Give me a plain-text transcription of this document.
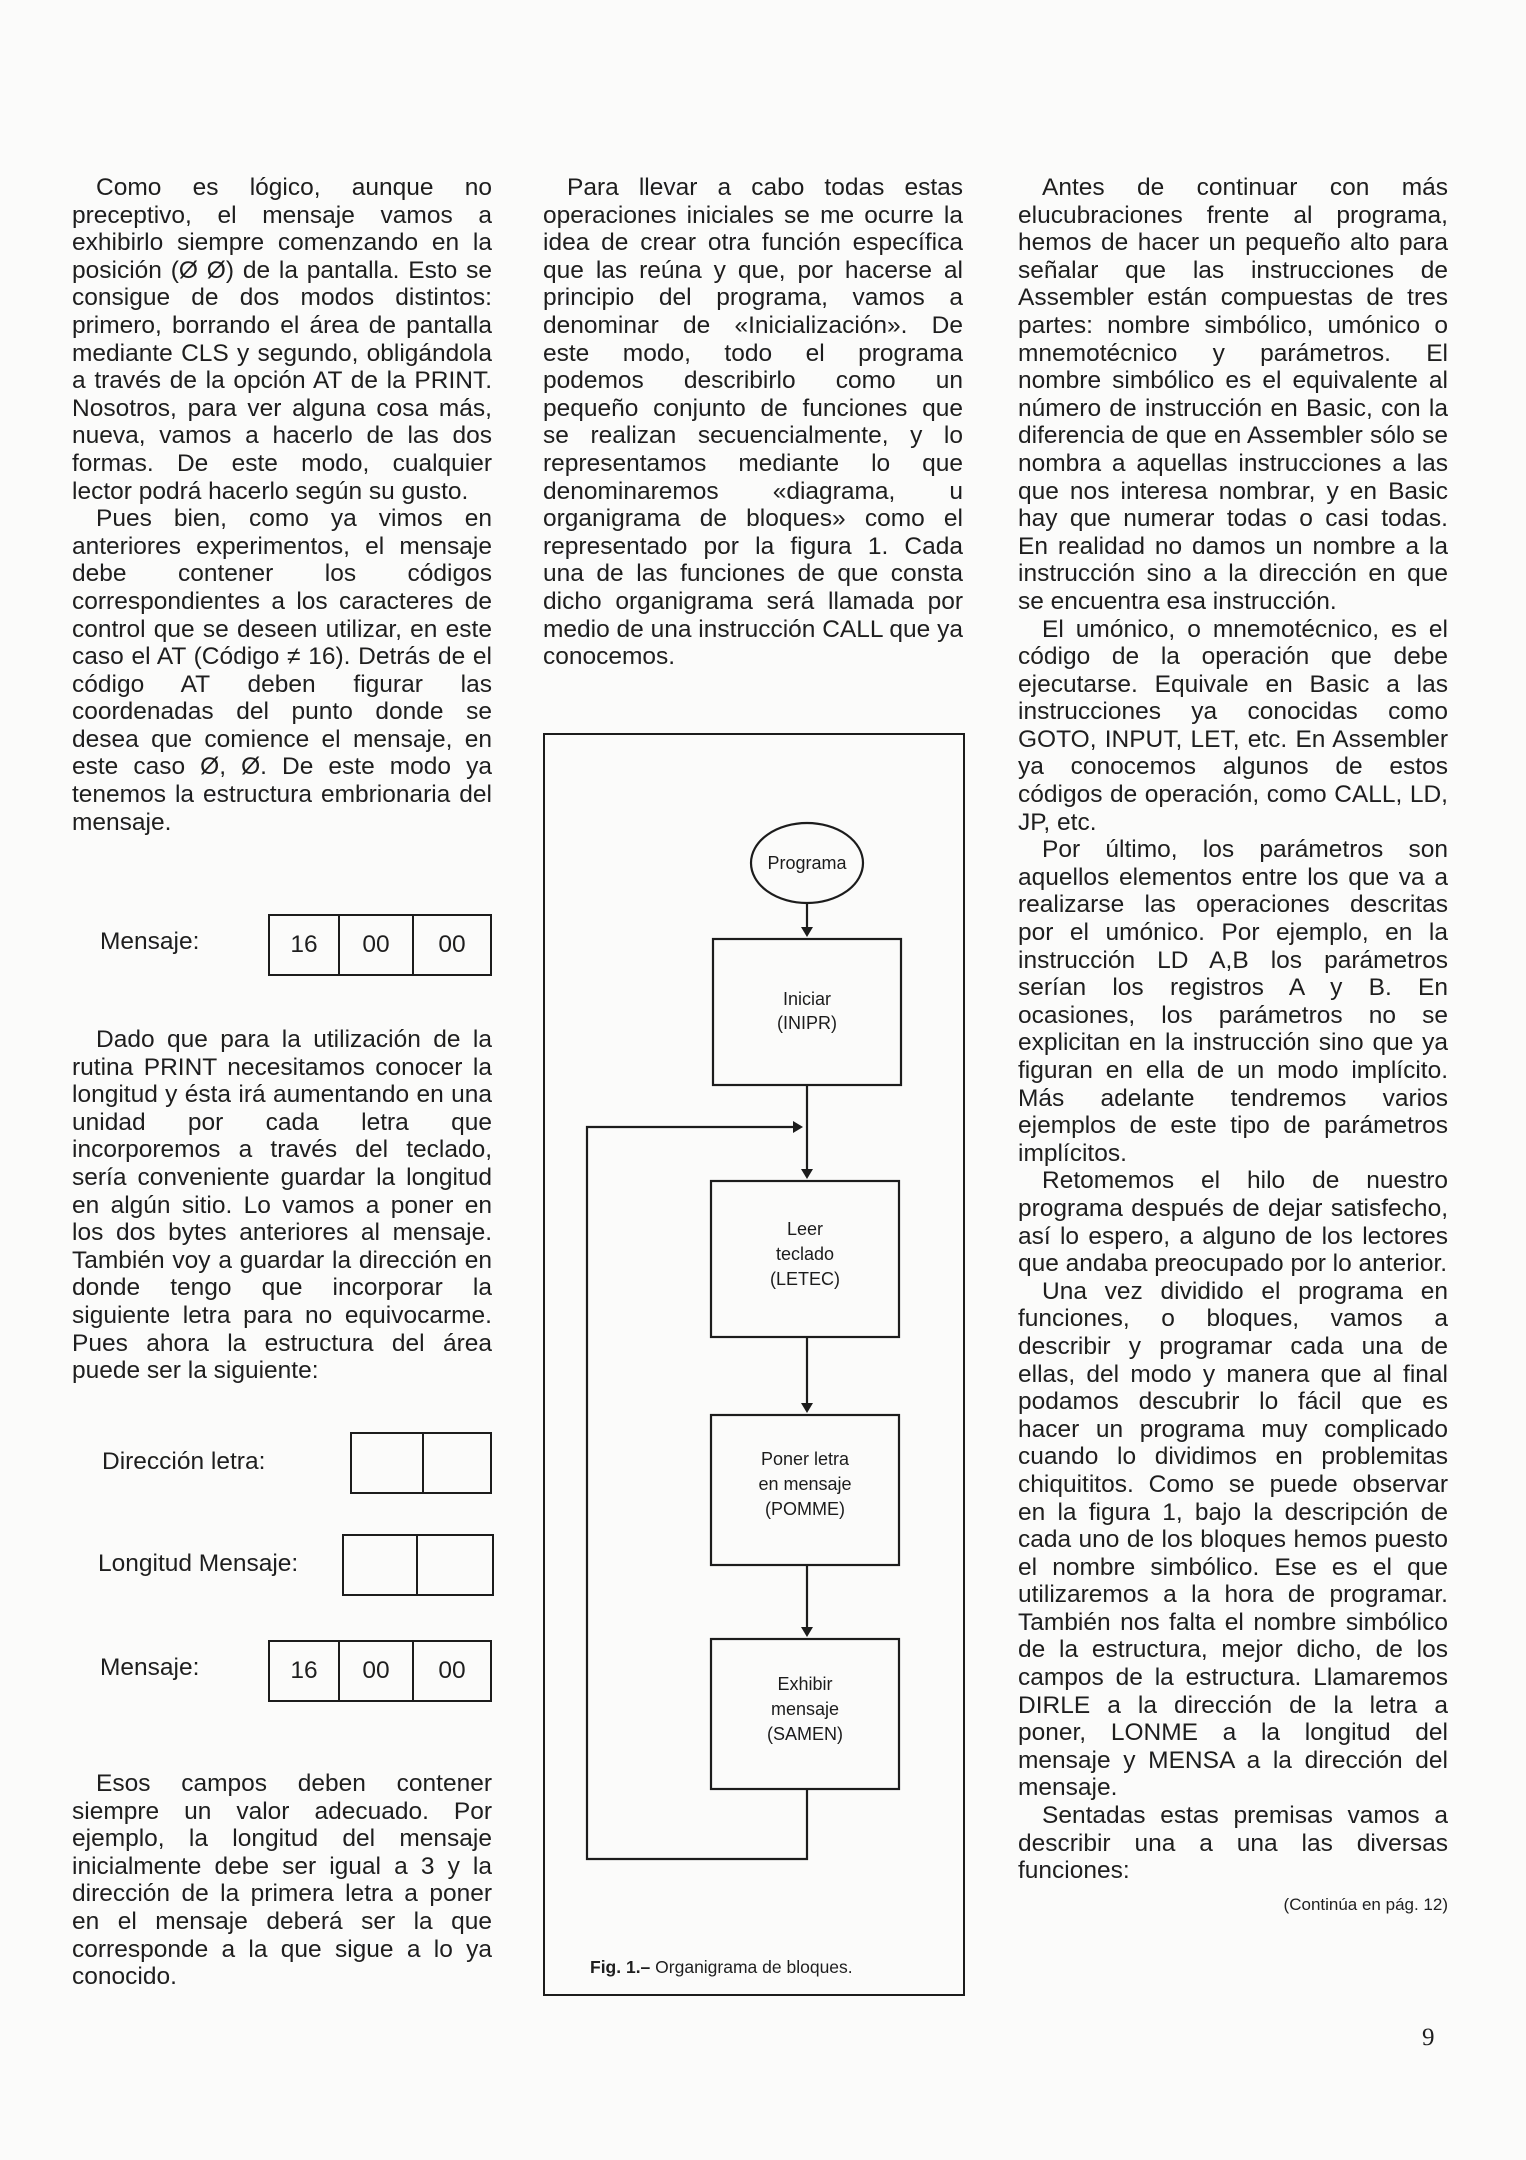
Como es lógico, aunque no preceptivo, el mensaje vamos a exhibirlo siempre comenzando en la posición (Ø Ø) de la pantalla. Esto se consigue de dos modos distintos: primero, borrando el área de pantalla mediante CLS y segundo, obligándola a través de la opción AT de la PRINT. Nosotros, para ver alguna cosa más, nueva, vamos a hacerlo de las dos formas. De este modo, cualquier lector podrá hacerlo según su gusto.

Pues bien, como ya vimos en anteriores experimentos, el mensaje debe contener los códigos correspondientes a los caracteres de control que se deseen utilizar, en este caso el AT (Código ≠ 16). Detrás de el código AT deben figurar las coordenadas del punto donde se desea que comience el mensaje, en este caso Ø, Ø. De este modo ya tenemos la estructura embrionaria del mensaje.

Mensaje:	16	00	00

Dado que para la utilización de la rutina PRINT necesitamos conocer la longitud y ésta irá aumentando en una unidad por cada letra que incorporemos a través del teclado, sería conveniente guardar la longitud en algún sitio. Lo vamos a poner en los dos bytes anteriores al mensaje. También voy a guardar la dirección en donde tengo que incorporar la siguiente letra para no equivocarme. Pues ahora la estructura del área puede ser la siguiente:

Dirección letra:
Longitud Mensaje:
Mensaje:	16	00	00

Esos campos deben contener siempre un valor adecuado. Por ejemplo, la longitud del mensaje inicialmente debe ser igual a 3 y la dirección de la primera letra a poner en el mensaje deberá ser la que corresponde a la que sigue a lo ya conocido.

Para llevar a cabo todas estas operaciones iniciales se me ocurre la idea de crear otra función específica que las reúna y que, por hacerse al principio del programa, vamos a denominar de «Inicialización». De este modo, todo el programa podemos describirlo como un pequeño conjunto de funciones que se realizan secuencialmente, y lo representamos mediante lo que denominaremos «diagrama, u organigrama de bloques» como el representado por la figura 1. Cada una de las funciones de que consta dicho organigrama será llamada por medio de una instrucción CALL que ya conocemos.

Programa
Iniciar
(INIPR)
Leer
teclado
(LETEC)
Poner letra
en mensaje
(POMME)
Exhibir
mensaje
(SAMEN)
Fig. 1.– Organigrama de bloques.

Antes de continuar con más elucubraciones frente al programa, hemos de hacer un pequeño alto para señalar que las instrucciones de Assembler están compuestas de tres partes: nombre simbólico, umónico o mnemotécnico y parámetros. El nombre simbólico es el equivalente al número de instrucción en Basic, con la diferencia de que en Assembler sólo se nombra a aquellas instrucciones a las que nos interesa nombrar, y en Basic hay que numerar todas o casi todas. En realidad no damos un nombre a la instrucción sino a la dirección en que se encuentra esa instrucción.

El umónico, o mnemotécnico, es el código de la operación que debe ejecutarse. Equivale en Basic a las instrucciones ya conocidas como GOTO, INPUT, LET, etc. En Assembler ya conocemos algunos de estos códigos de operación, como CALL, LD, JP, etc.

Por último, los parámetros son aquellos elementos entre los que va a realizarse las operaciones descritas por el umónico. Por ejemplo, en la instrucción LD A,B los parámetros serían los registros A y B. En ocasiones, los parámetros no se explicitan en la instrucción sino que ya figuran en ella de un modo implícito. Más adelante tendremos varios ejemplos de este tipo de parámetros implícitos.

Retomemos el hilo de nuestro programa después de dejar satisfecho, así lo espero, a alguno de los lectores que andaba preocupado por lo anterior.

Una vez dividido el programa en funciones, o bloques, vamos a describir y programar cada una de ellas, del modo y manera que al final podamos descubrir lo fácil que es hacer un programa muy complicado cuando lo dividimos en problemitas chiquititos. Como se puede observar en la figura 1, bajo la descripción de cada uno de los bloques hemos puesto el nombre simbólico. Ese es el que utilizaremos a la hora de programar. También nos falta el nombre simbólico de la estructura, mejor dicho, de los campos de la estructura. Llamaremos DIRLE a la dirección de la letra a poner, LONME a la longitud del mensaje y MENSA a la dirección del mensaje.

Sentadas estas premisas vamos a describir una a una las diversas funciones:

(Continúa en pág. 12)
9
